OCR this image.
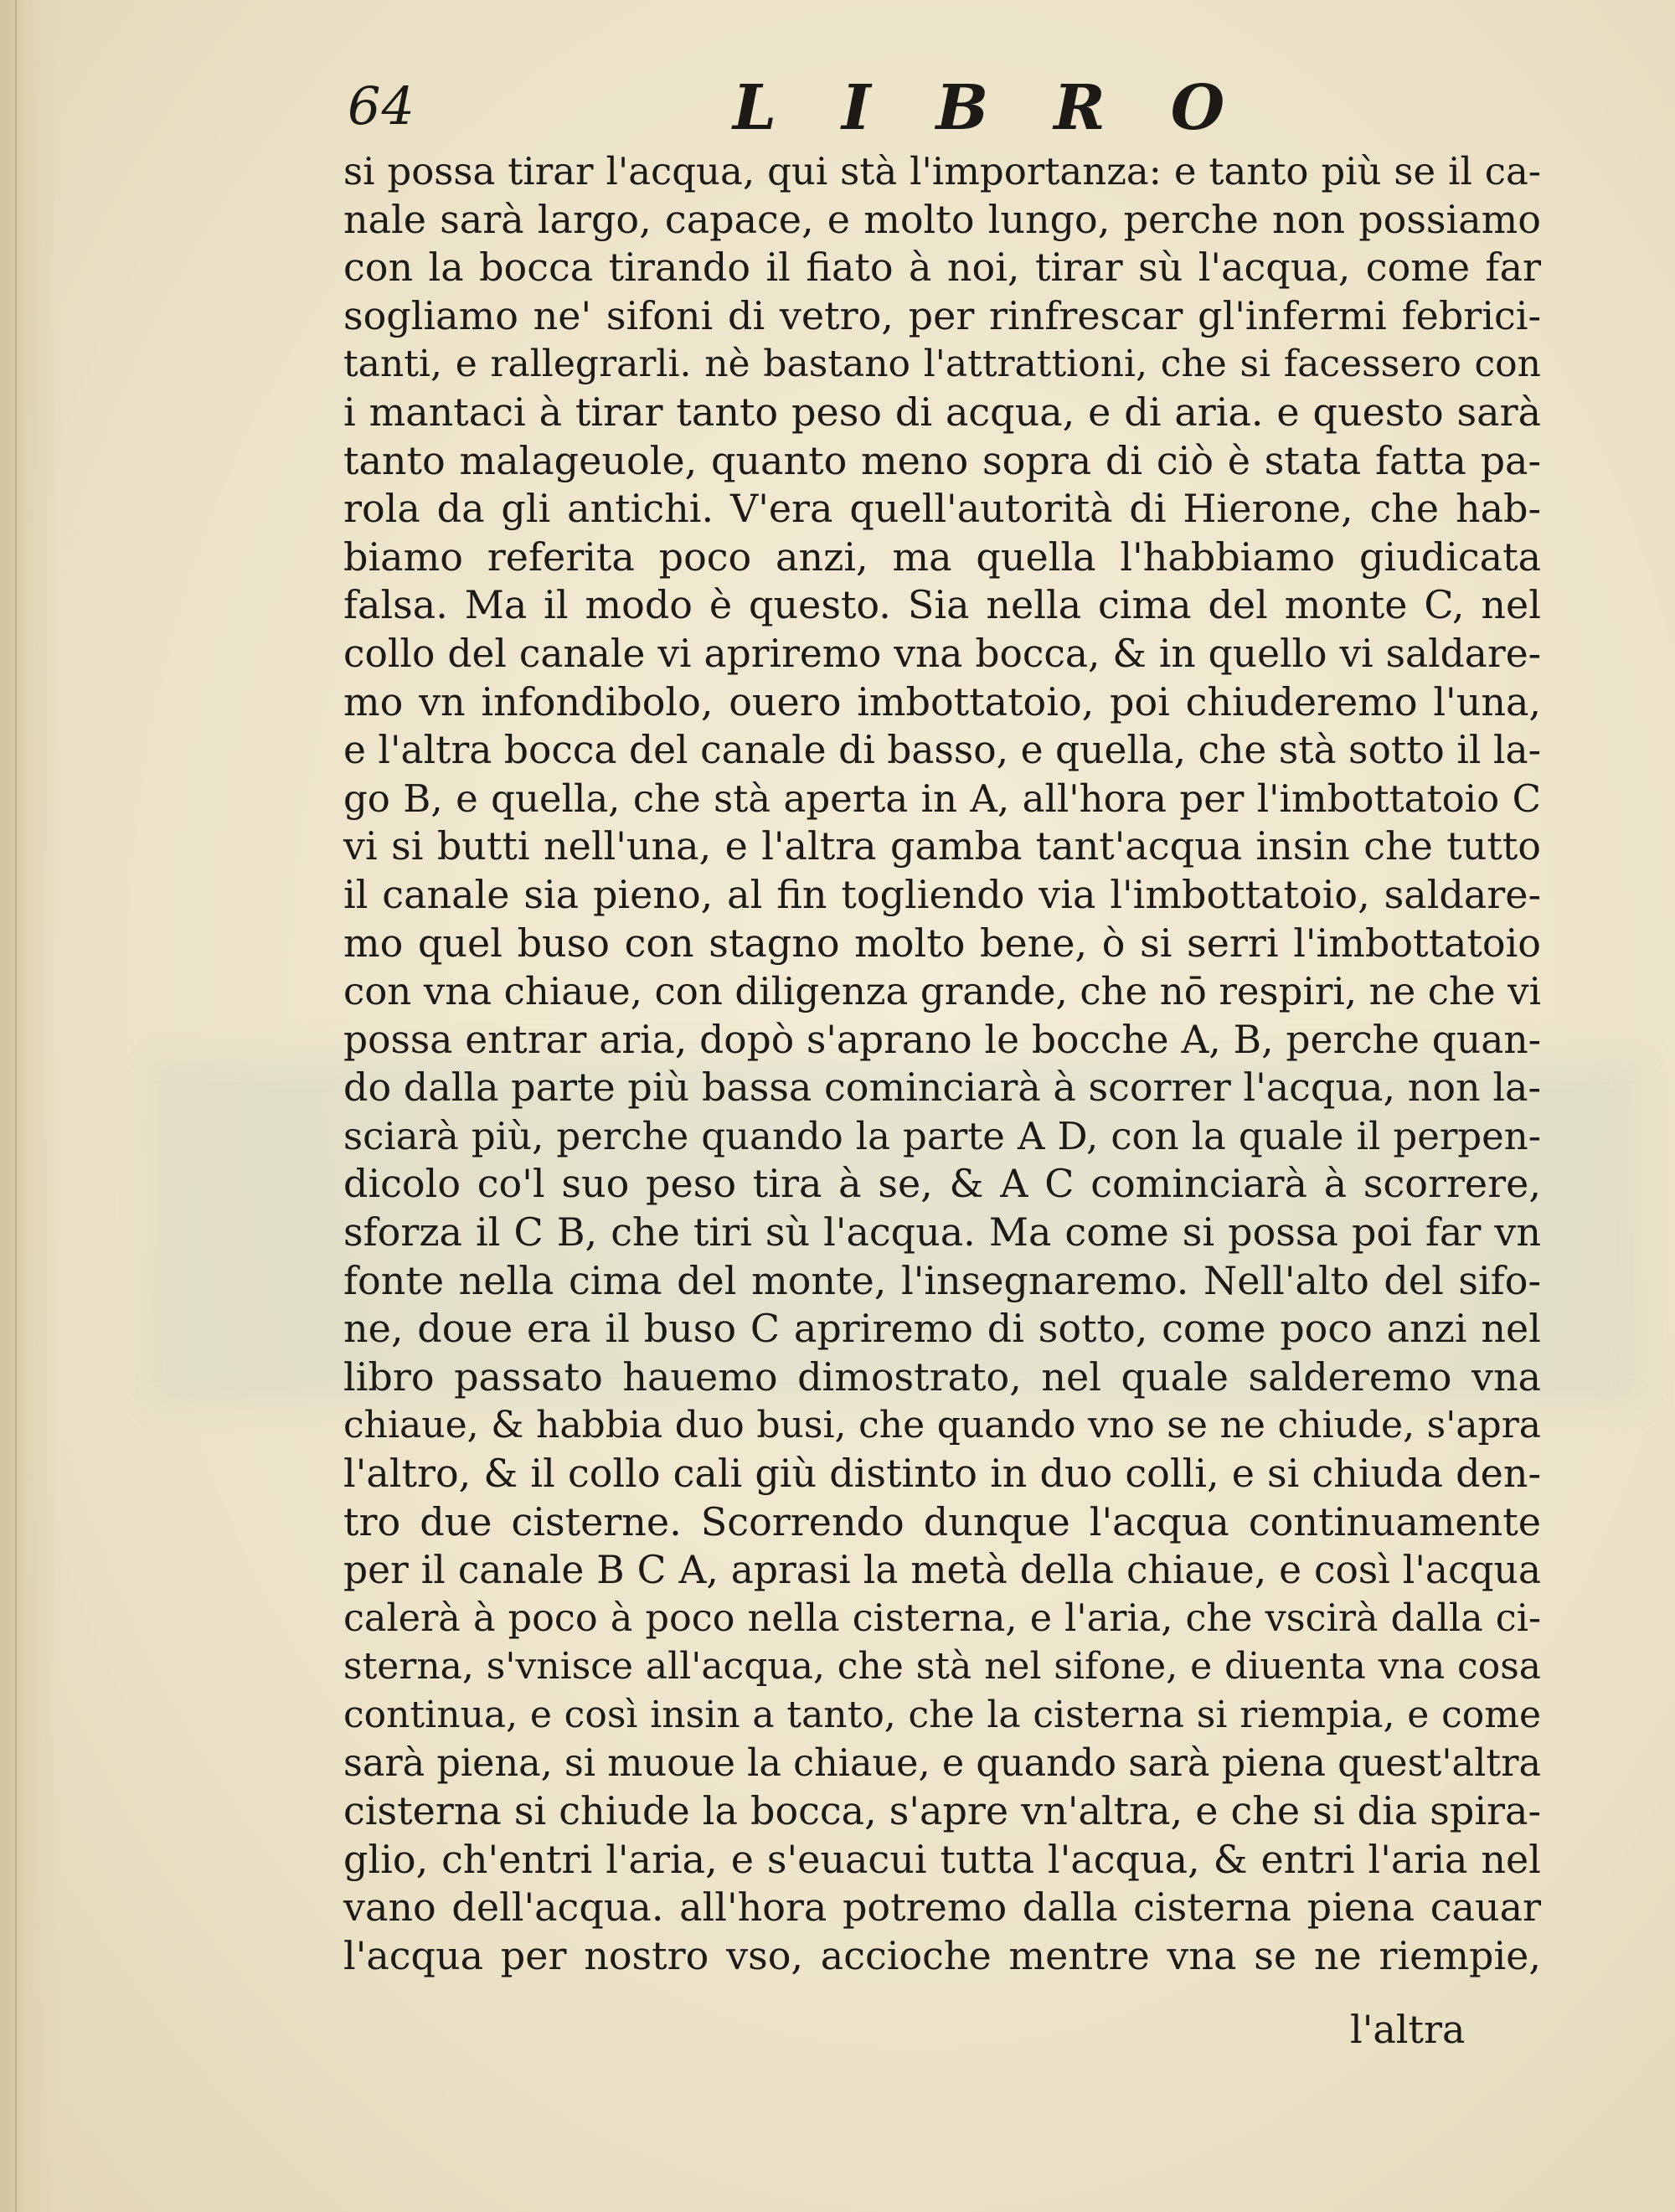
64	LIBRO
si possa tirar l'acqua, qui stà l'importanza: e tanto più se il ca-
nale sarà largo, capace, e molto lungo, perche non possiamo
con la bocca tirando il fiato à noi, tirar sù l'acqua, come far
sogliamo ne' sifoni di vetro, per rinfrescar gl'infermi febrici-
tanti, e rallegrarli. nè bastano l'attrattioni, che si facessero con
i mantaci à tirar tanto peso di acqua, e di aria. e questo sarà
tanto malageuole, quanto meno sopra di ciò è stata fatta pa-
rola da gli antichi. V'era quell'autorità di Hierone, che hab-
biamo referita poco anzi, ma quella l'habbiamo giudicata
falsa. Ma il modo è questo. Sia nella cima del monte C, nel
collo del canale vi apriremo vna bocca, & in quello vi saldare-
mo vn infondibolo, ouero imbottatoio, poi chiuderemo l'una,
e l'altra bocca del canale di basso, e quella, che stà sotto il la-
go B, e quella, che stà aperta in A, all'hora per l'imbottatoio C
vi si butti nell'una, e l'altra gamba tant'acqua insin che tutto
il canale sia pieno, al fin togliendo via l'imbottatoio, saldare-
mo quel buso con stagno molto bene, ò si serri l'imbottatoio
con vna chiaue, con diligenza grande, che nō respiri, ne che vi
possa entrar aria, dopò s'aprano le bocche A, B, perche quan-
do dalla parte più bassa cominciarà à scorrer l'acqua, non la-
sciarà più, perche quando la parte A D, con la quale il perpen-
dicolo co'l suo peso tira à se, & A C cominciarà à scorrere,
sforza il C B, che tiri sù l'acqua. Ma come si possa poi far vn
fonte nella cima del monte, l'insegnaremo. Nell'alto del sifo-
ne, doue era il buso C apriremo di sotto, come poco anzi nel
libro passato hauemo dimostrato, nel quale salderemo vna
chiaue, & habbia duo busi, che quando vno se ne chiude, s'apra
l'altro, & il collo cali giù distinto in duo colli, e si chiuda den-
tro due cisterne. Scorrendo dunque l'acqua continuamente
per il canale B C A, aprasi la metà della chiaue, e così l'acqua
calerà à poco à poco nella cisterna, e l'aria, che vscirà dalla ci-
sterna, s'vnisce all'acqua, che stà nel sifone, e diuenta vna cosa
continua, e così insin a tanto, che la cisterna si riempia, e come
sarà piena, si muoue la chiaue, e quando sarà piena quest'altra
cisterna si chiude la bocca, s'apre vn'altra, e che si dia spira-
glio, ch'entri l'aria, e s'euacui tutta l'acqua, & entri l'aria nel
vano dell'acqua. all'hora potremo dalla cisterna piena cauar
l'acqua per nostro vso, accioche mentre vna se ne riempie,
l'altra
